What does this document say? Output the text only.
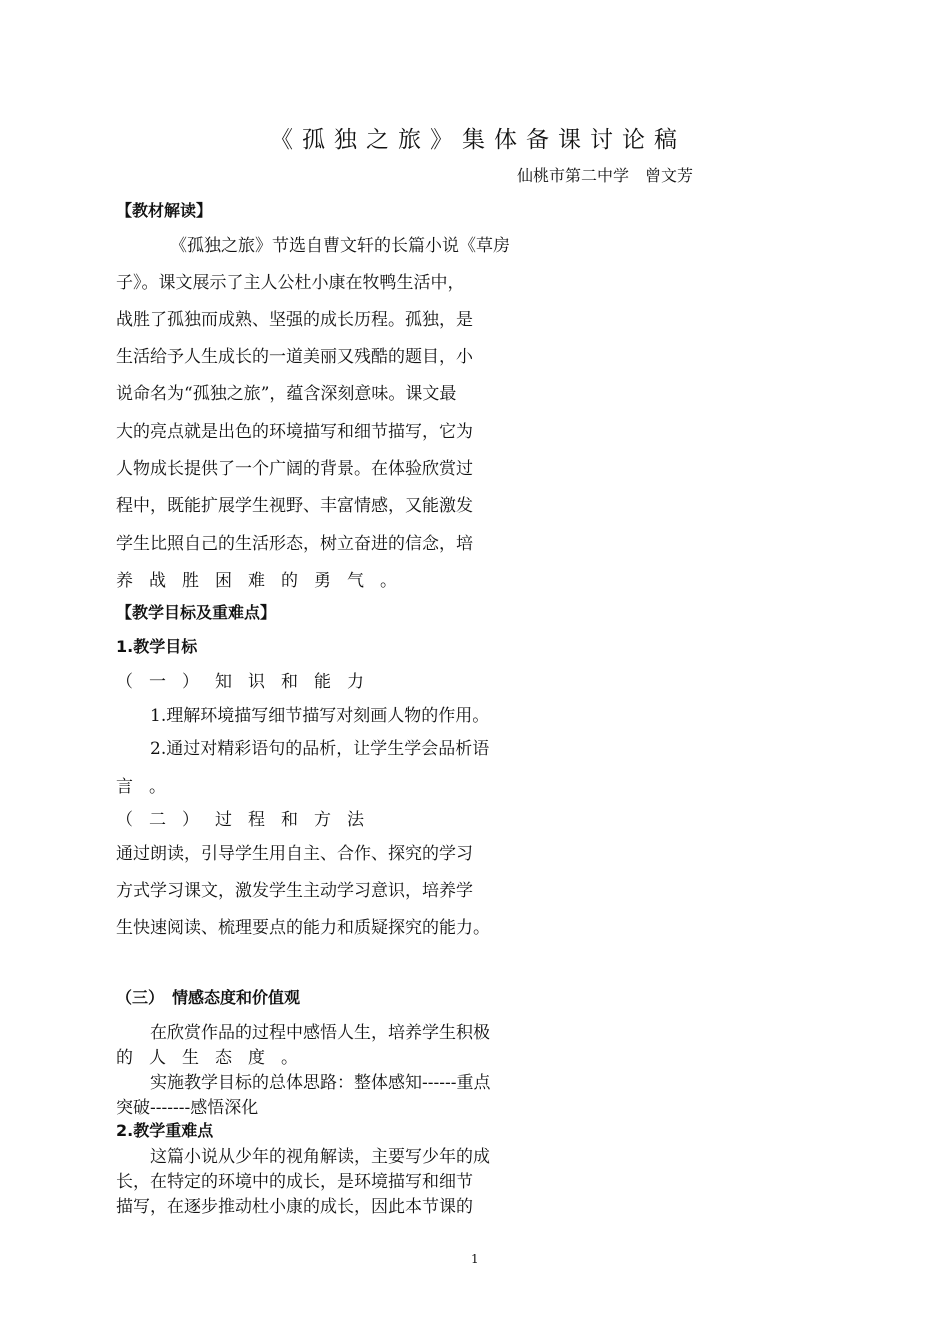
《孤独之旅》集体备课讨论稿
仙桃市第二中学　曾文芳
【教材解读】
《孤独之旅》节选自曹文轩的长篇小说《草房
子》。课文展示了主人公杜小康在牧鸭生活中，
战胜了孤独而成熟、坚强的成长历程。孤独，是
生活给予人生成长的一道美丽又残酷的题目，小
说命名为“孤独之旅”，蕴含深刻意味。课文最
大的亮点就是出色的环境描写和细节描写，它为
人物成长提供了一个广阔的背景。在体验欣赏过
程中，既能扩展学生视野、丰富情感，又能激发
学生比照自己的生活形态，树立奋进的信念，培
养战胜困难的勇气。
【教学目标及重难点】
1.教学目标
（一）知识和能力
1.理解环境描写细节描写对刻画人物的作用。
2.通过对精彩语句的品析，让学生学会品析语
言。
（二）过程和方法
通过朗读，引导学生用自主、合作、探究的学习
方式学习课文，激发学生主动学习意识，培养学
生快速阅读、梳理要点的能力和质疑探究的能力。
（三）　情感态度和价值观
在欣赏作品的过程中感悟人生，培养学生积极
的人生态度。
实施教学目标的总体思路：整体感知------重点
突破-------感悟深化
2.教学重难点
这篇小说从少年的视角解读，主要写少年的成
长，在特定的环境中的成长，是环境描写和细节
描写，在逐步推动杜小康的成长，因此本节课的
1
